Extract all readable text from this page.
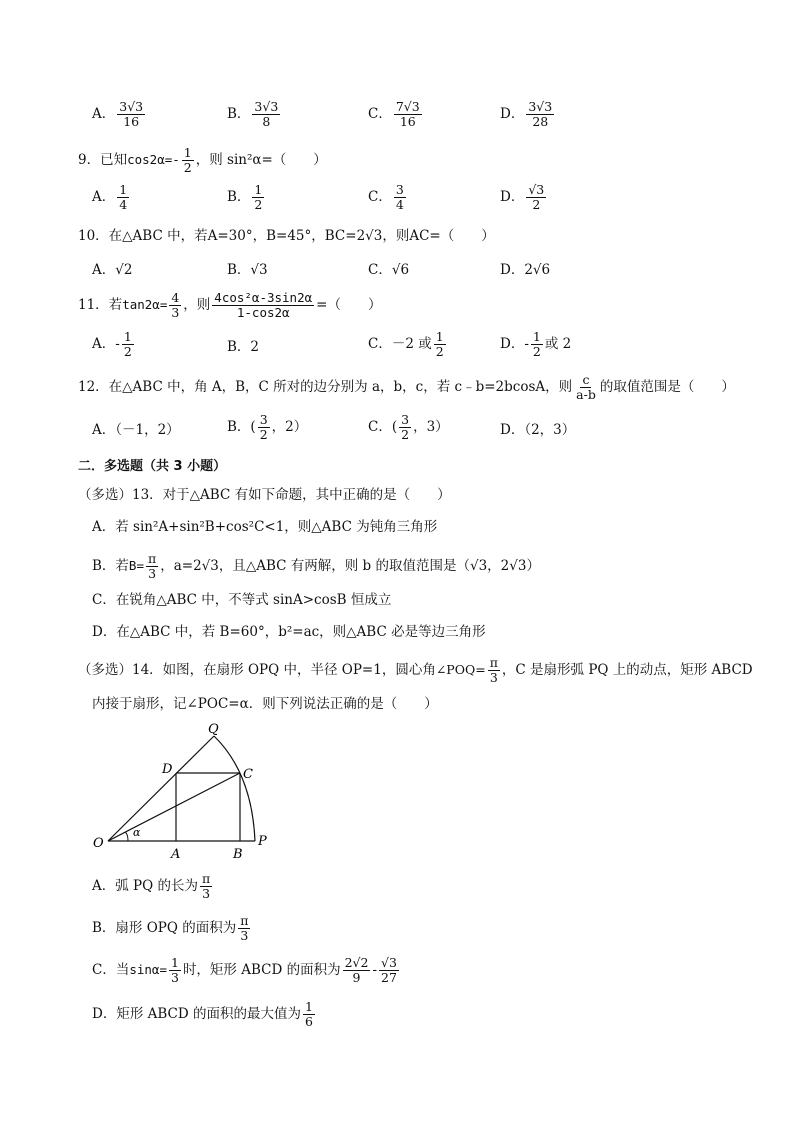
A． $\frac{3√3}{16}$	B． $\frac{3√3}{8}$	C． $\frac{7√3}{16}$	D． $\frac{3√3}{28}$
9．已知$\cos 2\alpha=- \frac{1}{2}$ ，则 sin²α=（　　）
A． $\frac{1}{4}$	B． $\frac{1}{2}$	C． $\frac{3}{4}$	D． $\frac{√3}{2}$
10．在△ABC 中，若A=30°，B=45°，BC=2√3，则AC=（　　）
A．√2	B．√3	C．√6	D．2√6
11．若$\tan 2\alpha= \frac{4}{3}$ ，则 $\frac{\text{4cos²α-3sin2α}}{1-\cos 2\alpha}$ =（　　）
A．- $\frac{1}{2}$	B．2	C．－2 或 $\frac{1}{2}$	D．- $\frac{1}{2}$ 或 2
12．在△ABC 中，角 A，B，C 所对的边分别为 a，b，c，若 c﹣b=2bcosA，则 $\frac{c}{a-b}$ 的取值范围是（　　）
A．（－1，2）	B．( $\frac{3}{2}$ ，2）	C．( $\frac{3}{2}$ ，3）	D．（2，3）
二．多选题（共 3 小题）
（多选）13．对于△ABC 有如下命题，其中正确的是（　　）
A．若 sin²A+sin²B+cos²C<1，则△ABC 为钝角三角形
B．若$B= \frac{\pi}{3}$ ，a=2√3，且△ABC 有两解，则 b 的取值范围是（√3，2√3）
C．在锐角△ABC 中，不等式 sinA>cosB 恒成立
D．在△ABC 中，若 B=60°，b²=ac，则△ABC 必是等边三角形
（多选）14．如图，在扇形 OPQ 中，半径 OP=1，圆心角∠POQ= $\frac{\pi}{3}$ ，C 是扇形弧 PQ 上的动点，矩形 ABCD
内接于扇形，记∠POC=α．则下列说法正确的是（　　）
Q
D	C
O
α
A	B
P
A．弧 PQ 的长为 $\frac{\pi}{3}$
B．扇形 OPQ 的面积为 $\frac{\pi}{3}$
C．当$\sin\alpha= \frac{1}{3}$ 时，矩形 ABCD 的面积为 $\frac{2√2}{9} - \frac{√3}{27}$
D．矩形 ABCD 的面积的最大值为 $\frac{1}{6}$
